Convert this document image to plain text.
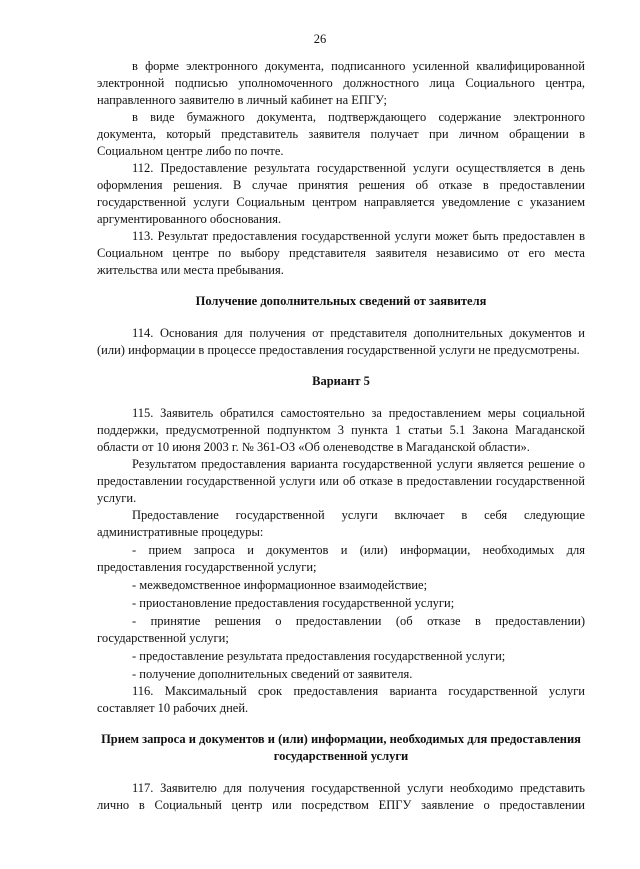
26

в форме электронного документа, подписанного усиленной квалифицированной электронной подписью уполномоченного должностного лица Социального центра, направленного заявителю в личный кабинет на ЕПГУ;

в виде бумажного документа, подтверждающего содержание электронного документа, который представитель заявителя получает при личном обращении в Социальном центре либо по почте.

112. Предоставление результата государственной услуги осуществляется в день оформления решения. В случае принятия решения об отказе в предоставлении государственной услуги Социальным центром направляется уведомление с указанием аргументированного обоснования.

113. Результат предоставления государственной услуги может быть предоставлен в Социальном центре по выбору представителя заявителя независимо от его места жительства или места пребывания.

Получение дополнительных сведений от заявителя

114. Основания для получения от представителя дополнительных документов и (или) информации в процессе предоставления государственной услуги не предусмотрены.

Вариант 5

115. Заявитель обратился самостоятельно за предоставлением меры социальной поддержки, предусмотренной подпунктом 3 пункта 1 статьи 5.1 Закона Магаданской области от 10 июня 2003 г. № 361-ОЗ «Об оленеводстве в Магаданской области».

Результатом предоставления варианта государственной услуги является решение о предоставлении государственной услуги или об отказе в предоставлении государственной услуги.

Предоставление государственной услуги включает в себя следующие административные процедуры:

- прием запроса и документов и (или) информации, необходимых для предоставления государственной услуги;

- межведомственное информационное взаимодействие;

- приостановление предоставления государственной услуги;

- принятие решения о предоставлении (об отказе в предоставлении) государственной услуги;

- предоставление результата предоставления государственной услуги;

- получение дополнительных сведений от заявителя.

116. Максимальный срок предоставления варианта государственной услуги составляет 10 рабочих дней.

Прием запроса и документов и (или) информации, необходимых для предоставления государственной услуги

117. Заявителю для получения государственной услуги необходимо представить лично в Социальный центр или посредством ЕПГУ заявление о предоставлении
